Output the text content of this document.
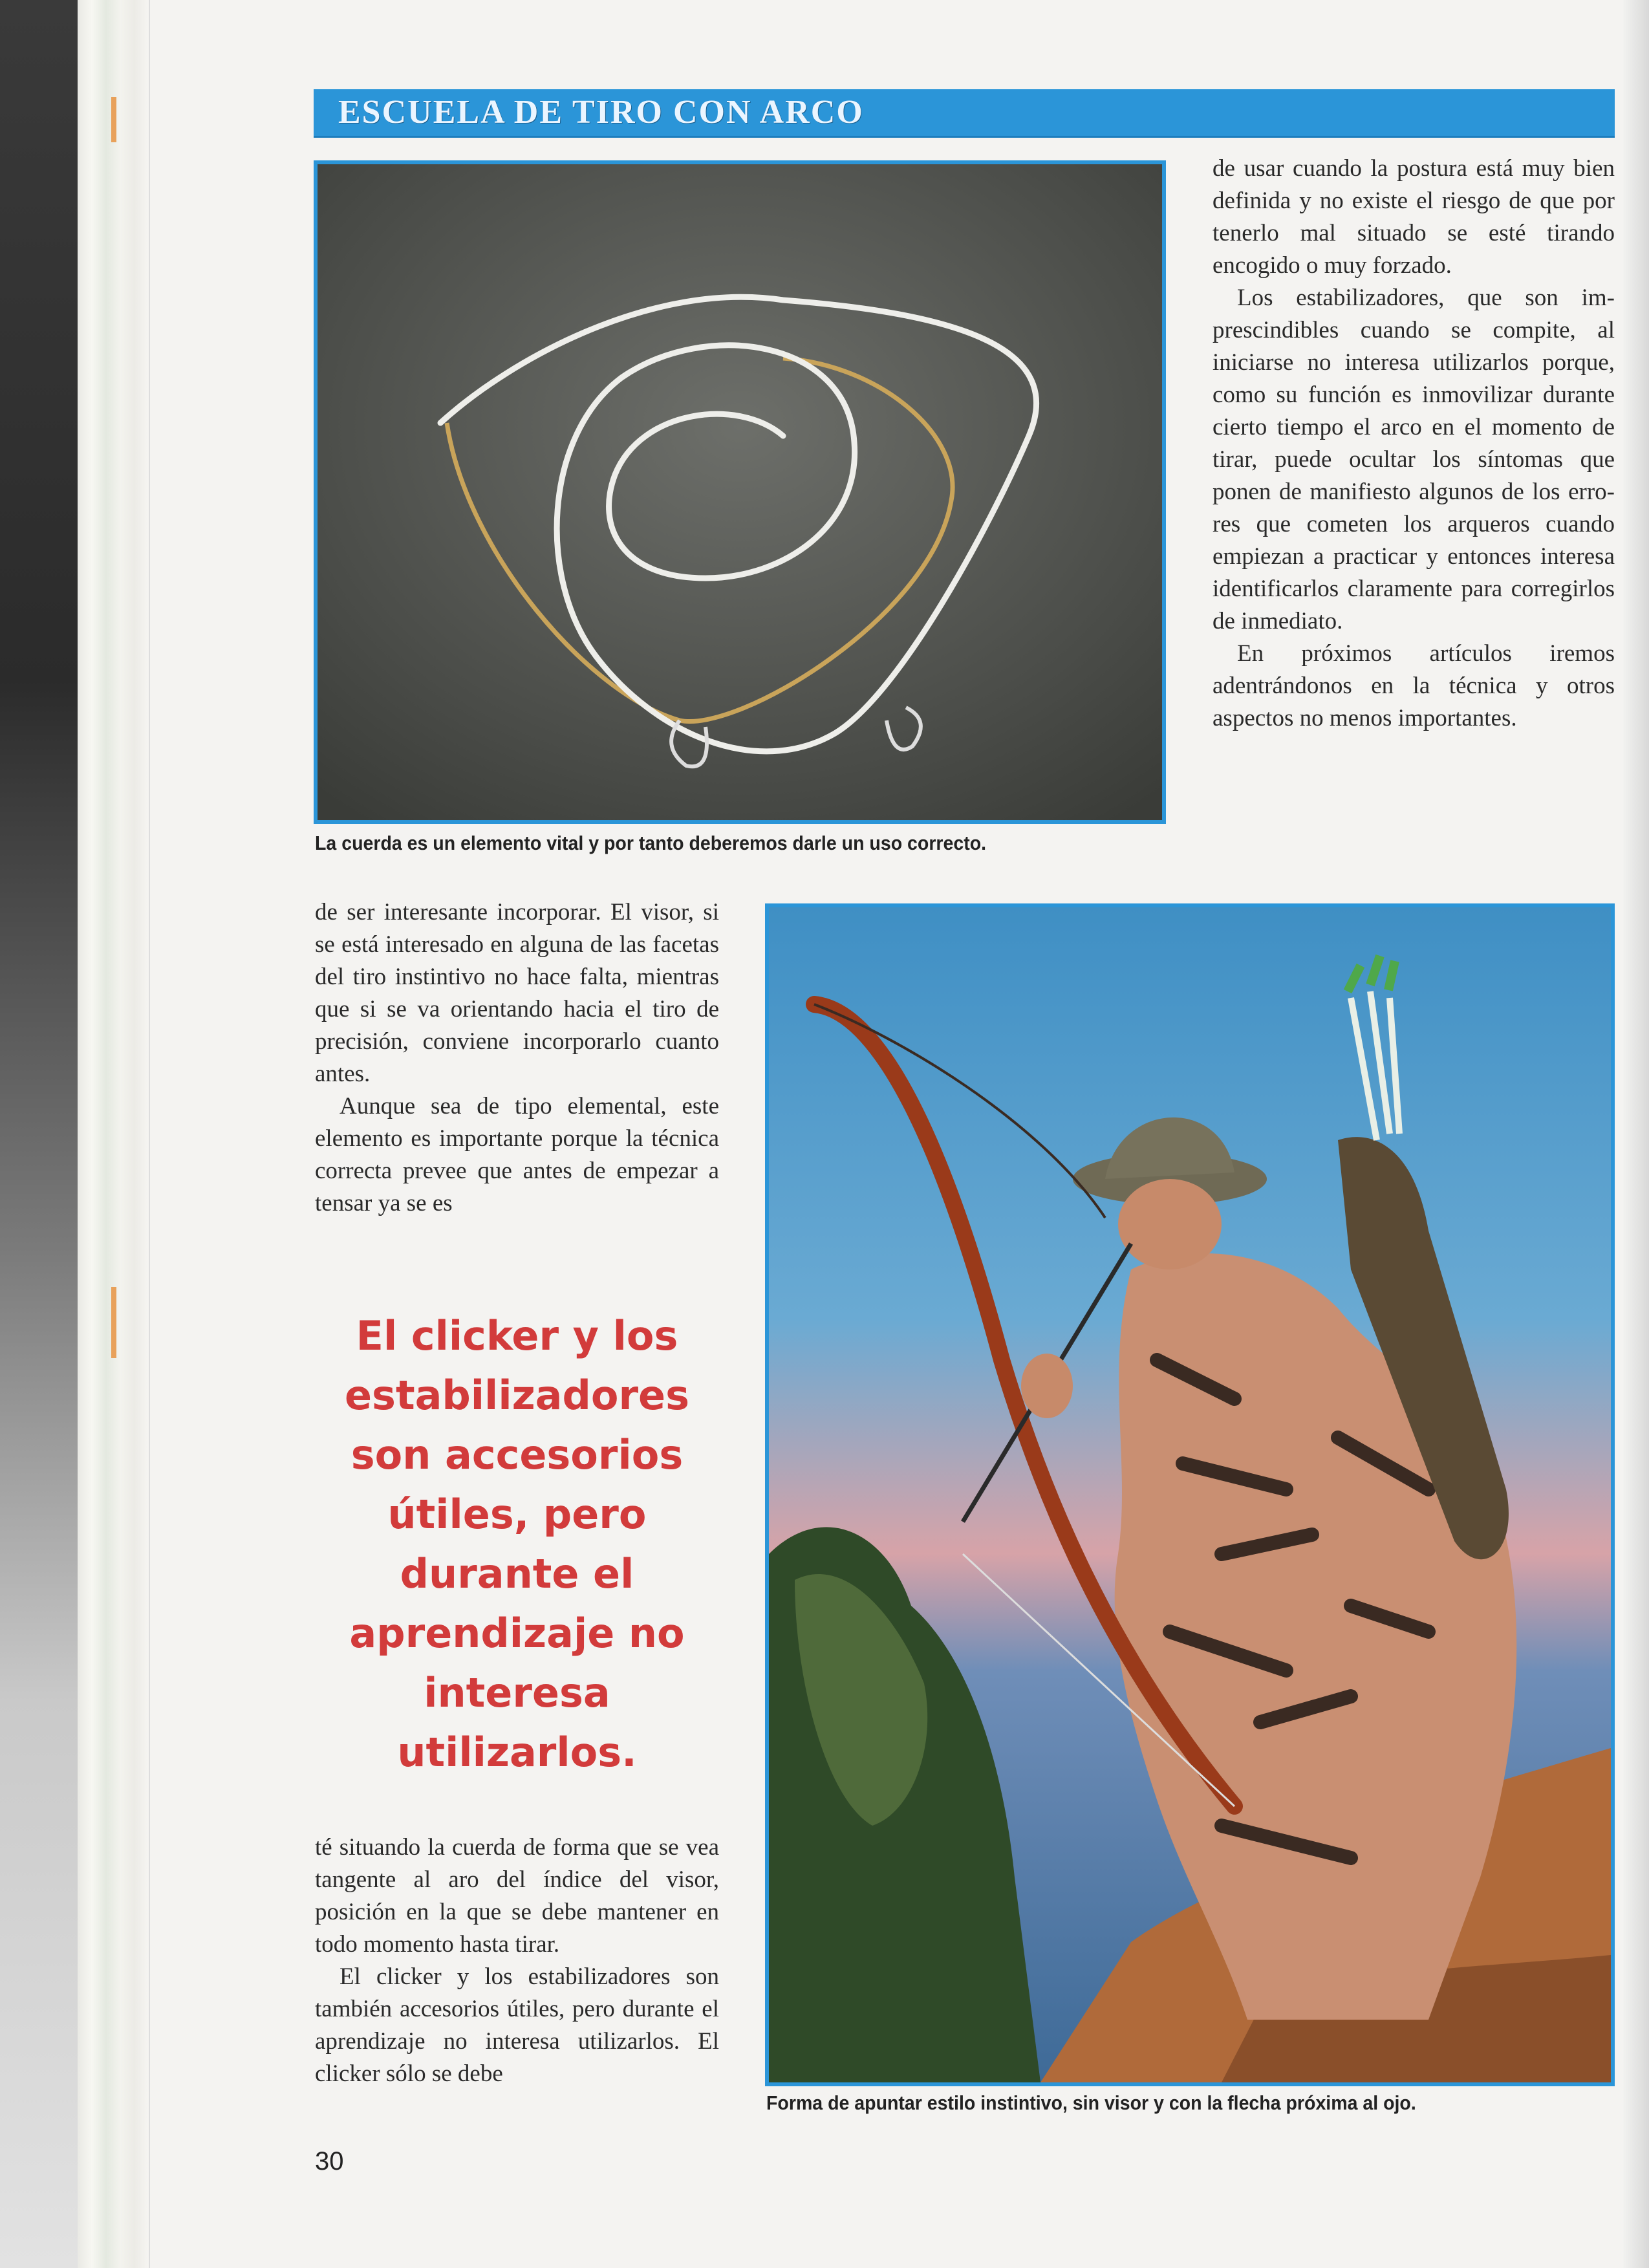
ESCUELA DE TIRO CON ARCO
La cuerda es un elemento vital y por tanto deberemos darle un uso correcto.

de usar cuando la postura está muy bien definida y no existe el riesgo de que por tenerlo mal situado se esté tirando encogido o muy forzado.

Los estabilizadores, que son imprescindibles cuando se compite, al iniciarse no interesa utilizarlos porque, como su función es inmovilizar durante cierto tiempo el arco en el momento de tirar, puede ocultar los síntomas que ponen de manifiesto algunos de los errores que cometen los arqueros cuando empiezan a practicar y entonces interesa identificarlos claramente para corregirlos de inmediato.

En próximos artículos iremos adentrándonos en la técnica y otros aspectos no menos importantes.

de ser interesante incorporar. El visor, si se está interesado en alguna de las facetas del tiro instintivo no hace falta, mientras que si se va orientando hacia el tiro de precisión, conviene incorporarlo cuanto antes.

Aunque sea de tipo elemental, este elemento es importante porque la técnica correcta prevee que antes de empezar a tensar ya se es

El clicker y los estabilizadores son accesorios útiles, pero durante el aprendizaje no interesa utilizarlos.

té situando la cuerda de forma que se vea tangente al aro del índice del visor, posición en la que se debe mantener en todo momento hasta tirar.

El clicker y los estabilizadores son también accesorios útiles, pero durante el aprendizaje no interesa utilizarlos. El clicker sólo se debe

Forma de apuntar estilo instintivo, sin visor y con la flecha próxima al ojo.
30
